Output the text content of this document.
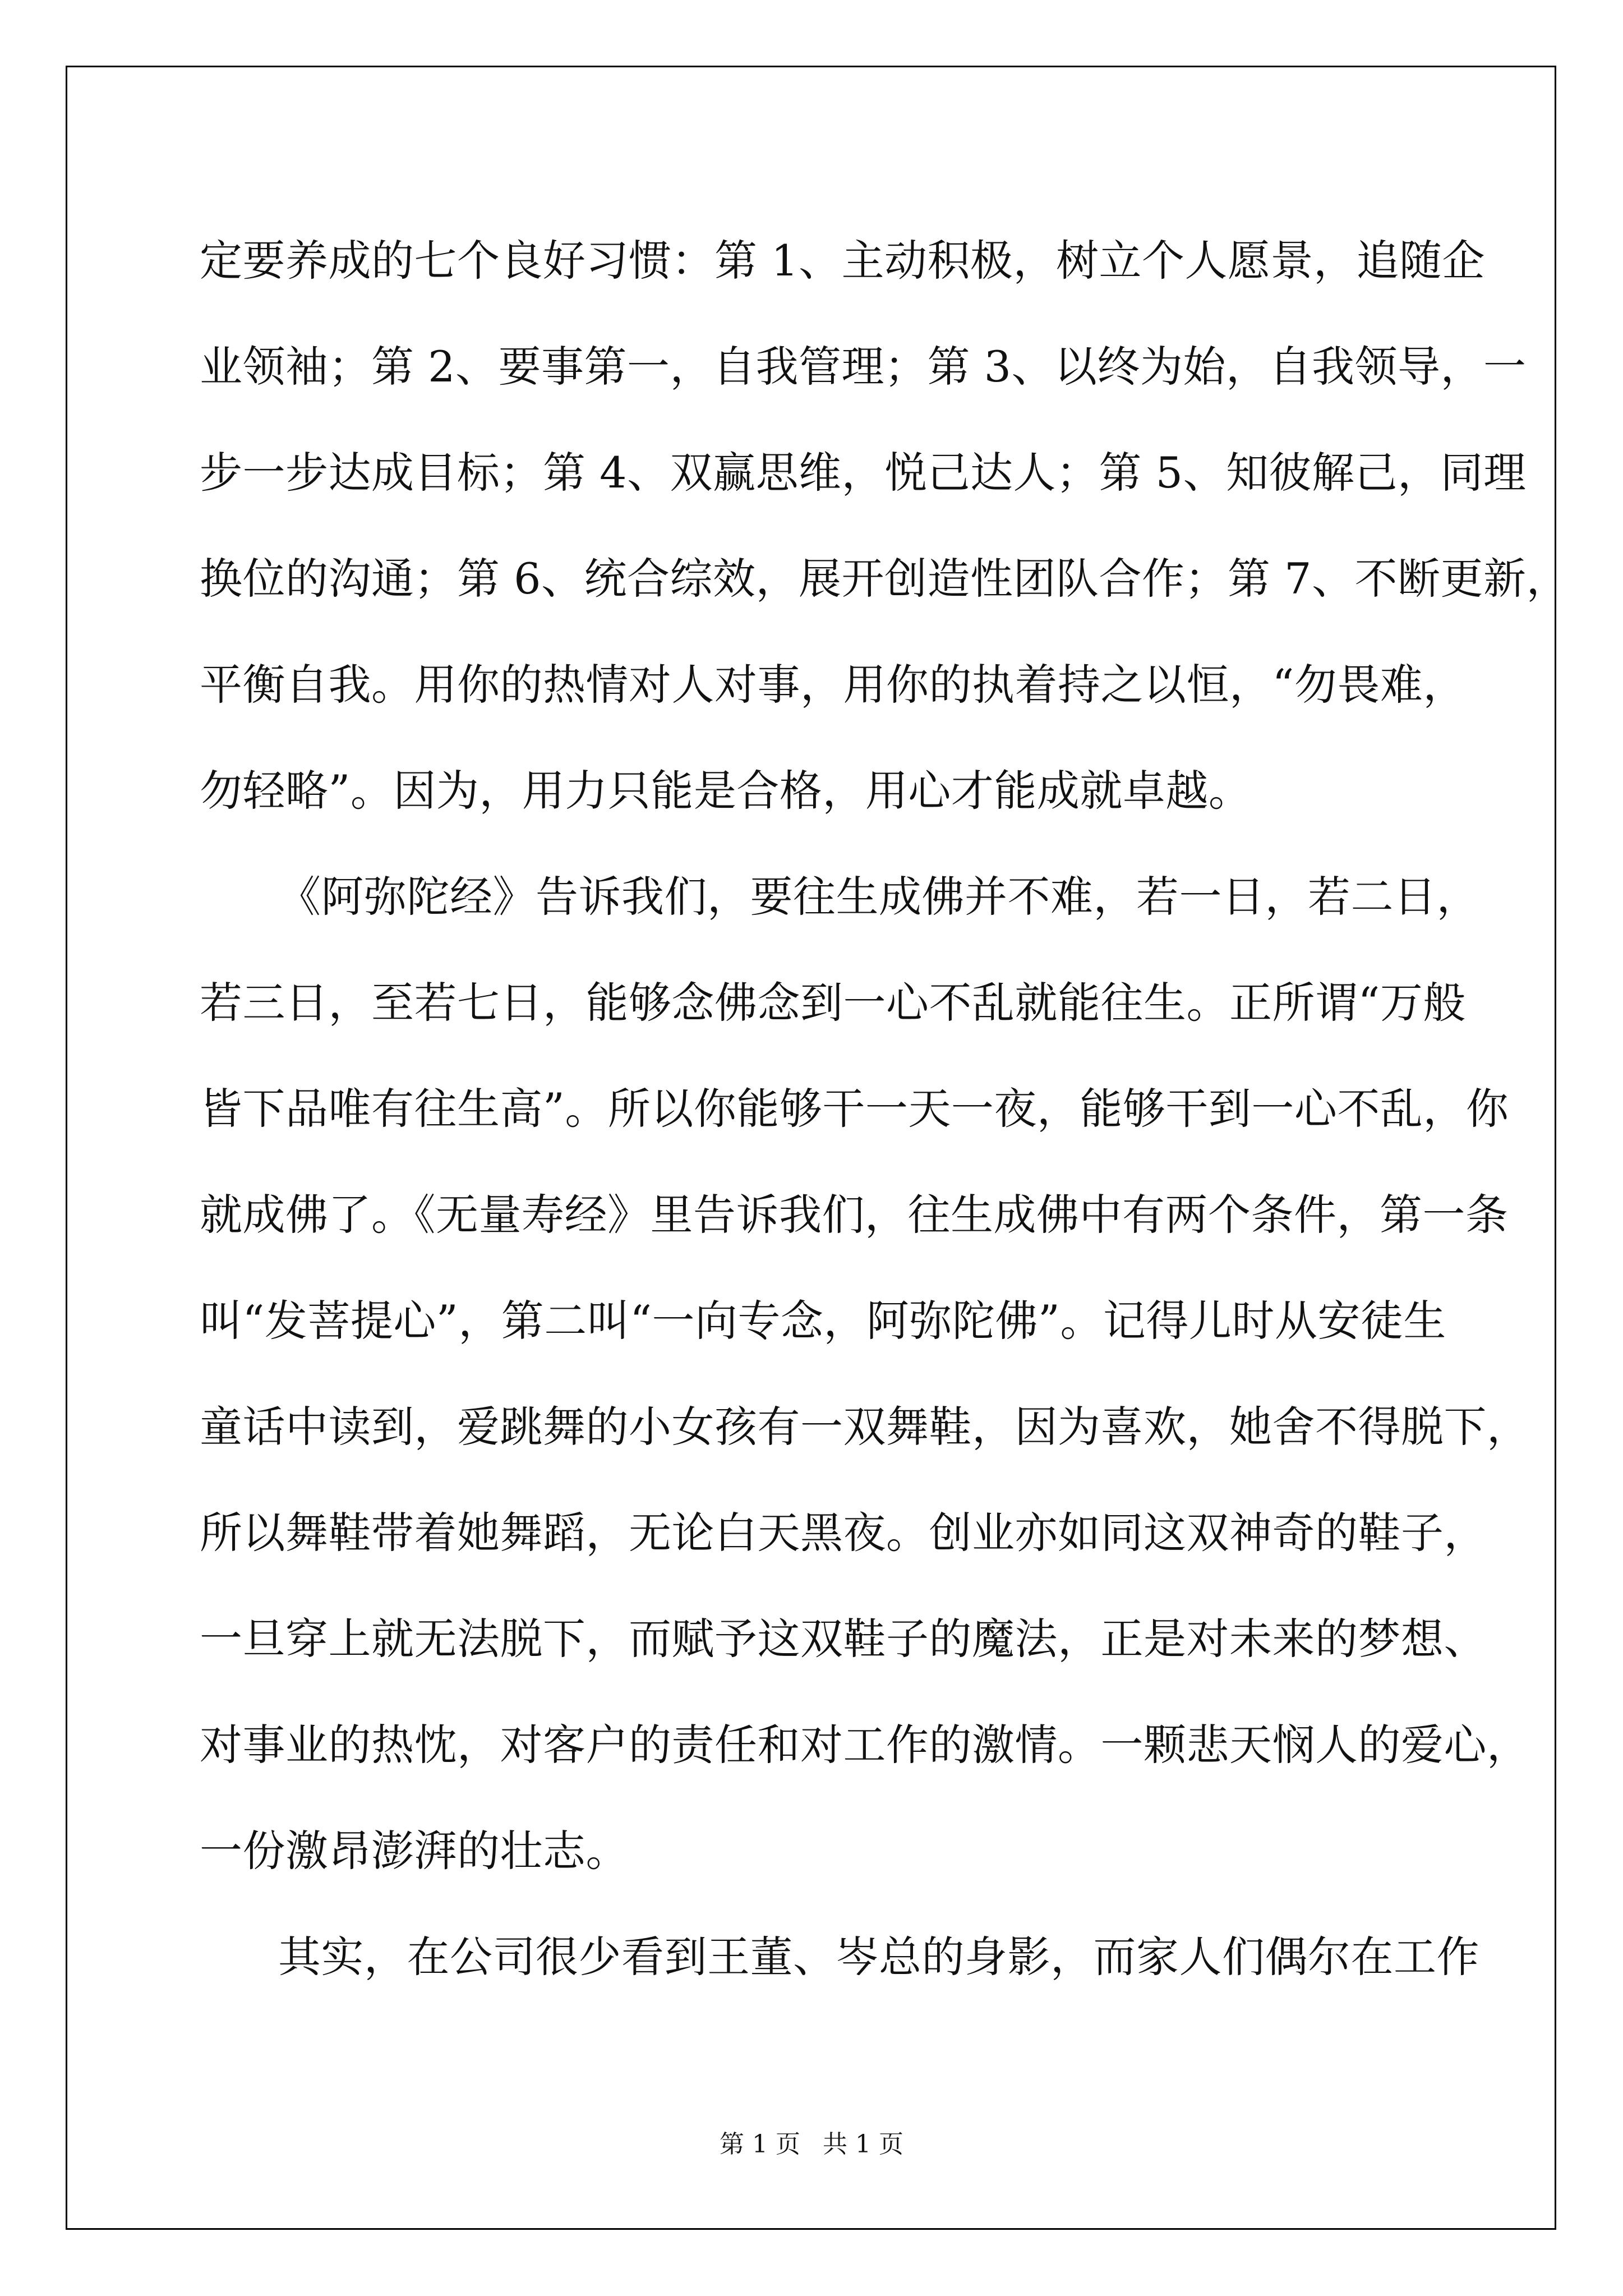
定要养成的七个良好习惯：第 1、主动积极，树立个人愿景，追随企
业领袖；第 2、要事第一，自我管理；第 3、以终为始，自我领导，一
步一步达成目标；第 4、双赢思维，悦己达人；第 5、知彼解己，同理
换位的沟通；第 6、统合综效，展开创造性团队合作；第 7、不断更新，
平衡自我。用你的热情对人对事，用你的执着持之以恒，“勿畏难，
勿轻略”。因为，用力只能是合格，用心才能成就卓越。
《阿弥陀经》告诉我们，要往生成佛并不难，若一日，若二日，
若三日，至若七日，能够念佛念到一心不乱就能往生。正所谓“万般
皆下品唯有往生高”。所以你能够干一天一夜，能够干到一心不乱，你
就成佛了。《无量寿经》里告诉我们，往生成佛中有两个条件，第一条
叫“发菩提心”，第二叫“一向专念，阿弥陀佛”。记得儿时从安徒生
童话中读到，爱跳舞的小女孩有一双舞鞋，因为喜欢，她舍不得脱下，
所以舞鞋带着她舞蹈，无论白天黑夜。创业亦如同这双神奇的鞋子，
一旦穿上就无法脱下，而赋予这双鞋子的魔法，正是对未来的梦想、
对事业的热忱，对客户的责任和对工作的激情。一颗悲天悯人的爱心，
一份激昂澎湃的壮志。
其实，在公司很少看到王董、岑总的身影，而家人们偶尔在工作
第 1 页 共 1 页
